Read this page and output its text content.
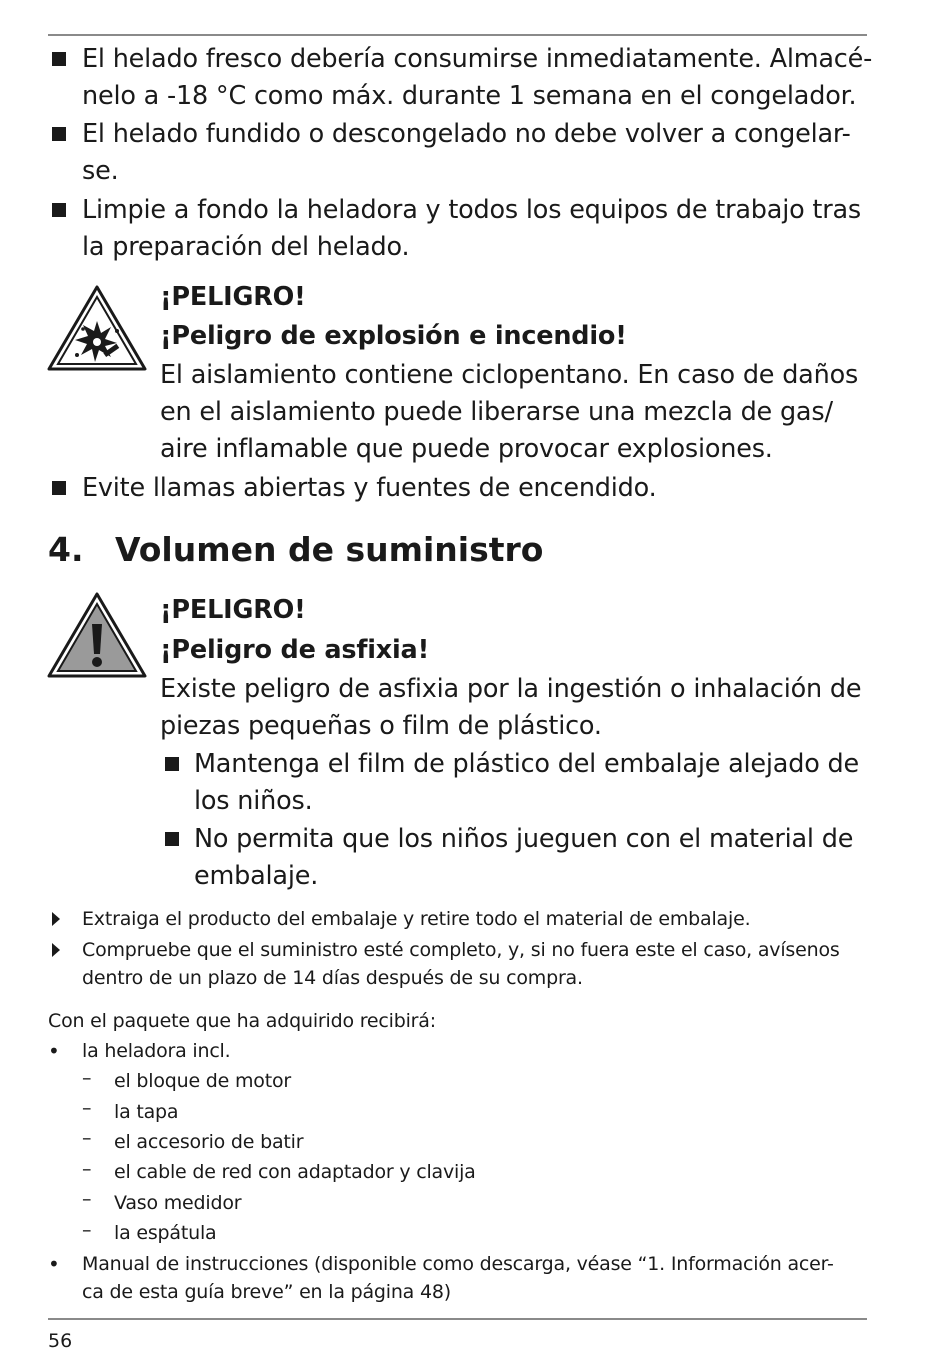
El helado fresco debería consumirse inmediatamente. Almacé-

nelo a -18 °C como máx. durante 1 semana en el congelador.

El helado fundido o descongelado no debe volver a congelar-

se.

Limpie a fondo la heladora y todos los equipos de trabajo tras

la preparación del helado.

¡PELIGRO!

¡Peligro de explosión e incendio!

El aislamiento contiene ciclopentano. En caso de daños

en el aislamiento puede liberarse una mezcla de gas/

aire inflamable que puede provocar explosiones.

Evite llamas abiertas y fuentes de encendido.

4. Volumen de suministro

¡PELIGRO!

¡Peligro de asfixia!

Existe peligro de asfixia por la ingestión o inhalación de

piezas pequeñas o film de plástico.

Mantenga el film de plástico del embalaje alejado de

los niños.

No permita que los niños jueguen con el material de

embalaje.

Extraiga el producto del embalaje y retire todo el material de embalaje.

Compruebe que el suministro esté completo, y, si no fuera este el caso, avísenos

dentro de un plazo de 14 días después de su compra.

Con el paquete que ha adquirido recibirá:

• la heladora incl.

– el bloque de motor

– la tapa

– el accesorio de batir

– el cable de red con adaptador y clavija

– Vaso medidor

– la espátula

• Manual de instrucciones (disponible como descarga, véase “1. Información acer-

ca de esta guía breve” en la página 48)

56
